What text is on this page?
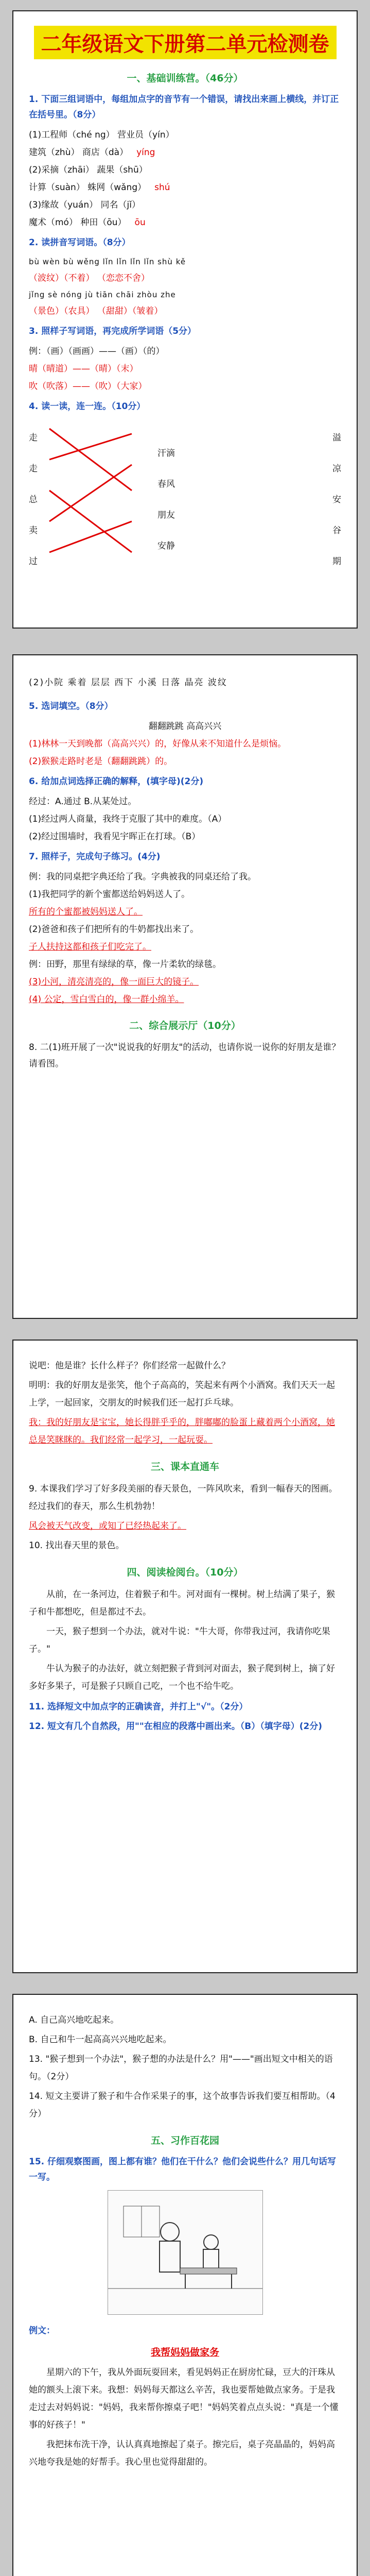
二年级语文下册第二单元检测卷
一、基础训练营。（46分）
1. 下面三组词语中，每组加点字的音节有一个错误，请找出来画上横线，并订正在括号里。（8分）
(1)工程师（ché ng） 营业员（yín）
建筑（zhù） 商店（dà） yíng
(2)采摘（zhāi） 蔬果（shū）
计算（suàn） 蛛网（wǎng） shú
(3)缘故（yuán） 同名（jǐ）
魔术（mó） 种田（ōu） ōu
2. 读拼音写词语。（8分）
bù wèn bù wěng lǐn lǐn lǐn lǐn shù kě
（波纹）（不着） （恋恋不舍）
jǐng sè nóng jù tiān chāi zhòu zhe
（景色）（农具） （甜甜）（皱着）
3. 照样子写词语，再完成所学词语（5分）
例：（画）（画画）——（画）（的）
晴（晴道）——（晴）（末）
吹（吹落）——（吹）（大家）
4. 读一读，连一连。（10分）
走
走
总
卖
过
汗滴
春风
朋友
安静
溢
凉
安
谷
期
(2)小院 乘着 层层 西下 小溪 日落 晶亮 波纹
5. 选词填空。（8分）
翻翻跳跳 高高兴兴
(1)林林一天到晚都（高高兴兴）的，好像从来不知道什么是烦恼。
(2)猴猴走路时老是（翻翻跳跳）的。
6. 给加点词选择正确的解释，(填字母)(2分)
经过：A.通过 B.从某处过。
(1)经过两人商量，我终于克服了其中的难度。（A）
(2)经过围墙时，我看见宇晖正在打球。（B）
7. 照样子，完成句子练习。(4分)
例：我的同桌把字典还给了我。字典被我的同桌还给了我。
(1)我把同学的新个蜜都送给妈妈送人了。
所有的个蜜都被妈妈送人了。
(2)爸爸和孩子们把所有的牛奶都找出来了。
子人扶持这都和孩子们吃完了。
例：田野，那里有绿绿的草，像一片柔软的绿毯。
(3)小河，清亮清亮的，像一面巨大的镜子。
(4) 公定，雪白雪白的，像一群小绵羊。
二、综合展示厅（10分）
8. 二(1)班开展了一次"说说我的好朋友"的活动，也请你说一说你的好朋友是谁？请看图。
说吧：他是谁？长什么样子？你们经常一起做什么？
明明：我的好朋友是张笑，他个子高高的，笑起来有两个小酒窝。我们天天一起上学，一起回家，交朋友的时候我们还一起打乒乓球。
我：我的好朋友是宝宝，她长得胖乎乎的，胖嘟嘟的脸蛋上藏着两个小酒窝，她总是笑眯眯的。我们经常一起学习，一起玩耍。
三、课本直通车
9. 本课我们学习了好多段美丽的春天景色，一阵风吹来，看到一幅春天的图画。经过我们的春天，那么生机勃勃！
风会被天气改变，或知了已经热起来了。
10. 找出春天里的景色。
四、阅读检阅台。（10分）
从前，在一条河边，住着猴子和牛。河对面有一棵树。树上结满了果子，猴子和牛都想吃，但是都过不去。
一天，猴子想到一个办法，就对牛说："牛大哥，你带我过河，我请你吃果子。"
牛认为猴子的办法好，就立刻把猴子背到河对面去，猴子爬到树上，摘了好多好多果子，可是猴子只顾自己吃，一个也不给牛吃。
11. 选择短文中加点字的正确读音，并打上"√"。（2分）
12. 短文有几个自然段，用""在相应的段落中画出来。（B）（填字母）(2分)
A. 自己高兴地吃起来。
B. 自己和牛一起高高兴兴地吃起来。
13. "猴子想到一个办法"，猴子想的办法是什么？用"——"画出短文中相关的语句。（2分）
14. 短文主要讲了猴子和牛合作采果子的事，这个故事告诉我们要互相帮助。（4分）
五、习作百花园
15. 仔细观察图画，图上都有谁？他们在干什么？他们会说些什么？用几句话写一写。
例文：
我帮妈妈做家务
星期六的下午，我从外面玩耍回来，看见妈妈正在厨房忙碌，豆大的汗珠从她的额头上滚下来。我想：妈妈每天都这么辛苦，我也要帮她做点家务。于是我走过去对妈妈说："妈妈，我来帮你擦桌子吧！"妈妈笑着点点头说："真是一个懂事的好孩子！"
我把抹布洗干净，认认真真地擦起了桌子。擦完后，桌子亮晶晶的，妈妈高兴地夸我是她的好帮手。我心里也觉得甜甜的。
